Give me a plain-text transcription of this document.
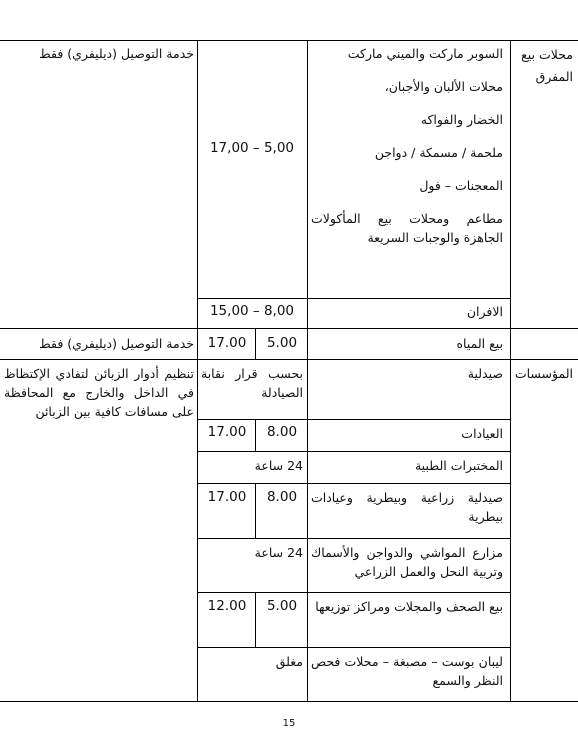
محلات بيع المفرق

السوبر ماركت والميني ماركت

محلات الألبان والأجبان،

الخضار والفواكه

ملحمة / مسمكة / دواجن

المعجنات – فول

مطاعم ومحلات بيع المأكولات الجاهزة والوجبات السريعة

17,00 – 5,00
خدمة التوصيل (ديليفري) فقط
الافران
15,00 – 8,00
بيع المياه
5.00
17.00
خدمة التوصيل (ديليفري) فقط
المؤسسات
صيدلية
بحسب قرار نقابة الصيادلة
تنظيم أدوار الزبائن لتفادي الإكتظاظ في الداخل والخارج مع المحافظة على مسافات كافية بين الزبائن
العيادات
8.00
17.00
المختبرات الطبية
24 ساعة
صيدلية زراعية وبيطرية وعيادات بيطرية
8.00
17.00
مزارع المواشي والدواجن والأسماك وتربية النحل والعمل الزراعي
24 ساعة
بيع الصحف والمجلات ومراكز توزيعها
5.00
12.00
ليبان بوست – مصبغة – محلات فحص النظر والسمع
مغلق
15
